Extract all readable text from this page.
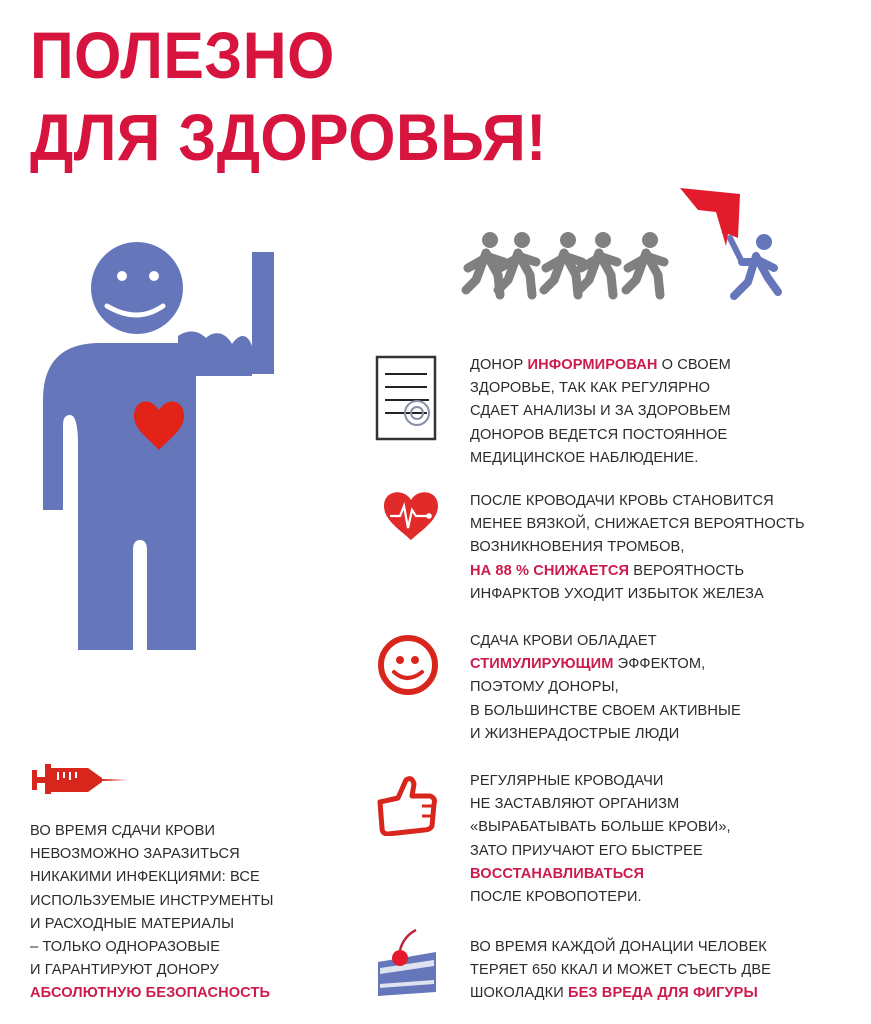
ПОЛЕЗНО
ДЛЯ ЗДОРОВЬЯ!
ДОНОР ИНФОРМИРОВАН О СВОЕМ
ЗДОРОВЬЕ, ТАК КАК РЕГУЛЯРНО
СДАЕТ АНАЛИЗЫ И ЗА ЗДОРОВЬЕМ
ДОНОРОВ ВЕДЕТСЯ ПОСТОЯННОЕ
МЕДИЦИНСКОЕ НАБЛЮДЕНИЕ.
ПОСЛЕ КРОВОДАЧИ КРОВЬ СТАНОВИТСЯ
МЕНЕЕ ВЯЗКОЙ, СНИЖАЕТСЯ ВЕРОЯТНОСТЬ
ВОЗНИКНОВЕНИЯ ТРОМБОВ,
НА 88 % СНИЖАЕТСЯ ВЕРОЯТНОСТЬ
ИНФАРКТОВ УХОДИТ ИЗБЫТОК ЖЕЛЕЗА
СДАЧА КРОВИ ОБЛАДАЕТ
СТИМУЛИРУЮЩИМ ЭФФЕКТОМ,
ПОЭТОМУ ДОНОРЫ,
В БОЛЬШИНСТВЕ СВОЕМ АКТИВНЫЕ
И ЖИЗНЕРАДОСТРЫЕ ЛЮДИ
РЕГУЛЯРНЫЕ КРОВОДАЧИ
НЕ ЗАСТАВЛЯЮТ ОРГАНИЗМ
«ВЫРАБАТЫВАТЬ БОЛЬШЕ КРОВИ»,
ЗАТО ПРИУЧАЮТ ЕГО БЫСТРЕЕ
ВОССТАНАВЛИВАТЬСЯ
ПОСЛЕ КРОВОПОТЕРИ.
ВО ВРЕМЯ КАЖДОЙ ДОНАЦИИ ЧЕЛОВЕК
ТЕРЯЕТ 650 ККАЛ И МОЖЕТ СЪЕСТЬ ДВЕ
ШОКОЛАДКИ БЕЗ ВРЕДА ДЛЯ ФИГУРЫ
ВО ВРЕМЯ СДАЧИ КРОВИ
НЕВОЗМОЖНО ЗАРАЗИТЬСЯ
НИКАКИМИ ИНФЕКЦИЯМИ: ВСЕ
ИСПОЛЬЗУЕМЫЕ ИНСТРУМЕНТЫ
И РАСХОДНЫЕ МАТЕРИАЛЫ
– ТОЛЬКО ОДНОРАЗОВЫЕ
И ГАРАНТИРУЮТ ДОНОРУ
АБСОЛЮТНУЮ БЕЗОПАСНОСТЬ
